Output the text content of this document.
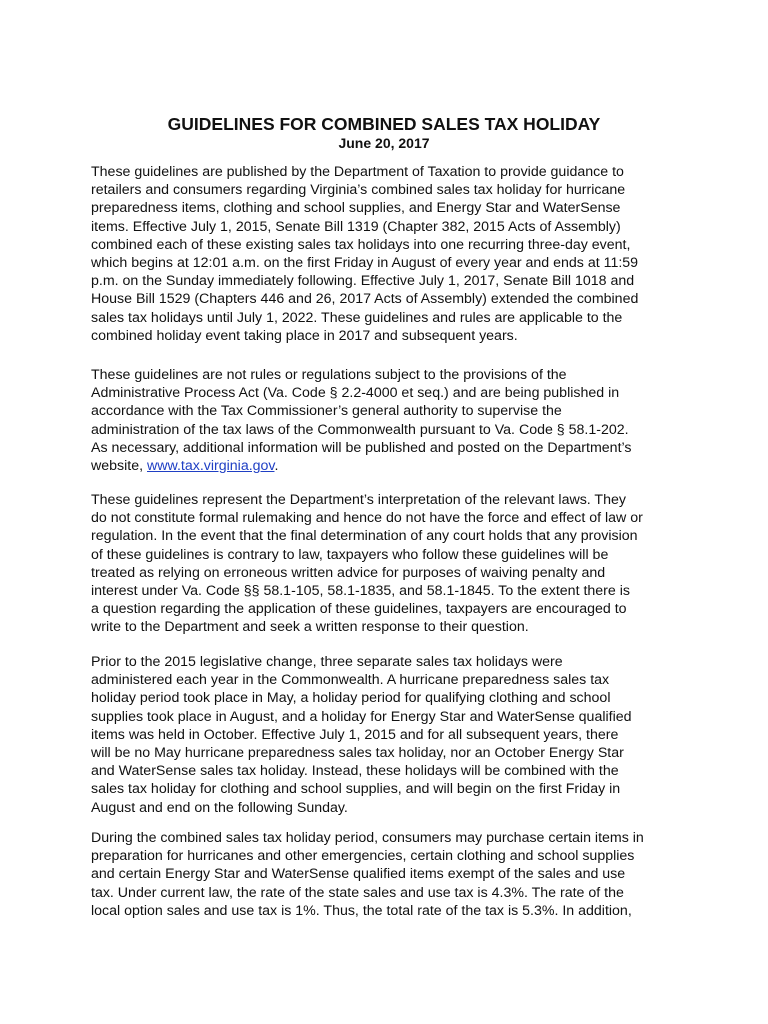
GUIDELINES FOR COMBINED SALES TAX HOLIDAY
June 20, 2017
These guidelines are published by the Department of Taxation to provide guidance to
retailers and consumers regarding Virginia’s combined sales tax holiday for hurricane
preparedness items, clothing and school supplies, and Energy Star and WaterSense
items. Effective July 1, 2015, Senate Bill 1319 (Chapter 382, 2015 Acts of Assembly)
combined each of these existing sales tax holidays into one recurring three-day event,
which begins at 12:01 a.m. on the first Friday in August of every year and ends at 11:59
p.m. on the Sunday immediately following. Effective July 1, 2017, Senate Bill 1018 and
House Bill 1529 (Chapters 446 and 26, 2017 Acts of Assembly) extended the combined
sales tax holidays until July 1, 2022. These guidelines and rules are applicable to the
combined holiday event taking place in 2017 and subsequent years.
These guidelines are not rules or regulations subject to the provisions of the
Administrative Process Act (Va. Code § 2.2-4000 et seq.) and are being published in
accordance with the Tax Commissioner’s general authority to supervise the
administration of the tax laws of the Commonwealth pursuant to Va. Code § 58.1-202.
As necessary, additional information will be published and posted on the Department’s
website, www.tax.virginia.gov.
These guidelines represent the Department’s interpretation of the relevant laws. They
do not constitute formal rulemaking and hence do not have the force and effect of law or
regulation. In the event that the final determination of any court holds that any provision
of these guidelines is contrary to law, taxpayers who follow these guidelines will be
treated as relying on erroneous written advice for purposes of waiving penalty and
interest under Va. Code §§ 58.1-105, 58.1-1835, and 58.1-1845. To the extent there is
a question regarding the application of these guidelines, taxpayers are encouraged to
write to the Department and seek a written response to their question.
Prior to the 2015 legislative change, three separate sales tax holidays were
administered each year in the Commonwealth. A hurricane preparedness sales tax
holiday period took place in May, a holiday period for qualifying clothing and school
supplies took place in August, and a holiday for Energy Star and WaterSense qualified
items was held in October. Effective July 1, 2015 and for all subsequent years, there
will be no May hurricane preparedness sales tax holiday, nor an October Energy Star
and WaterSense sales tax holiday. Instead, these holidays will be combined with the
sales tax holiday for clothing and school supplies, and will begin on the first Friday in
August and end on the following Sunday.
During the combined sales tax holiday period, consumers may purchase certain items in
preparation for hurricanes and other emergencies, certain clothing and school supplies
and certain Energy Star and WaterSense qualified items exempt of the sales and use
tax. Under current law, the rate of the state sales and use tax is 4.3%. The rate of the
local option sales and use tax is 1%. Thus, the total rate of the tax is 5.3%. In addition,
